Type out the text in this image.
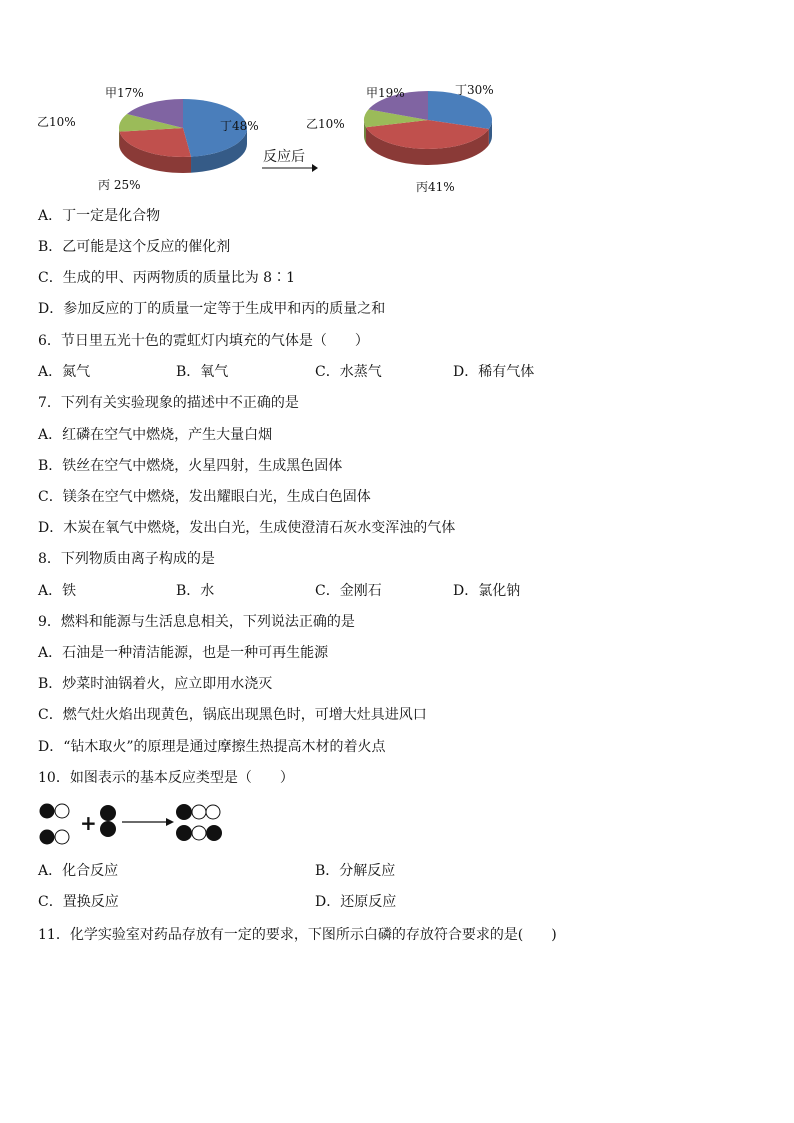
甲17%
丁48%
乙10%
丙 25%
反应后
甲19%	丁30%
乙10%
丙41%
A．丁一定是化合物
B．乙可能是这个反应的催化剂
C．生成的甲、丙两物质的质量比为 8∶1
D．参加反应的丁的质量一定等于生成甲和丙的质量之和
6．节日里五光十色的霓虹灯内填充的气体是（　　）
A．氮气	B．氧气	C．水蒸气	D．稀有气体
7．下列有关实验现象的描述中不正确的是
A．红磷在空气中燃烧，产生大量白烟
B．铁丝在空气中燃烧，火星四射，生成黑色固体
C．镁条在空气中燃烧，发出耀眼白光，生成白色固体
D．木炭在氧气中燃烧，发出白光，生成使澄清石灰水变浑浊的气体
8．下列物质由离子构成的是
A．铁	B．水	C．金刚石	D．氯化钠
9．燃料和能源与生活息息相关，下列说法正确的是
A．石油是一种清洁能源，也是一种可再生能源
B．炒菜时油锅着火，应立即用水浇灭
C．燃气灶火焰出现黄色，锅底出现黑色时，可增大灶具进风口
D．“钻木取火”的原理是通过摩擦生热提高木材的着火点
10．如图表示的基本反应类型是（　　）
+
A．化合反应	B．分解反应
C．置换反应	D．还原反应
11．化学实验室对药品存放有一定的要求，下图所示白磷的存放符合要求的是(　　)
